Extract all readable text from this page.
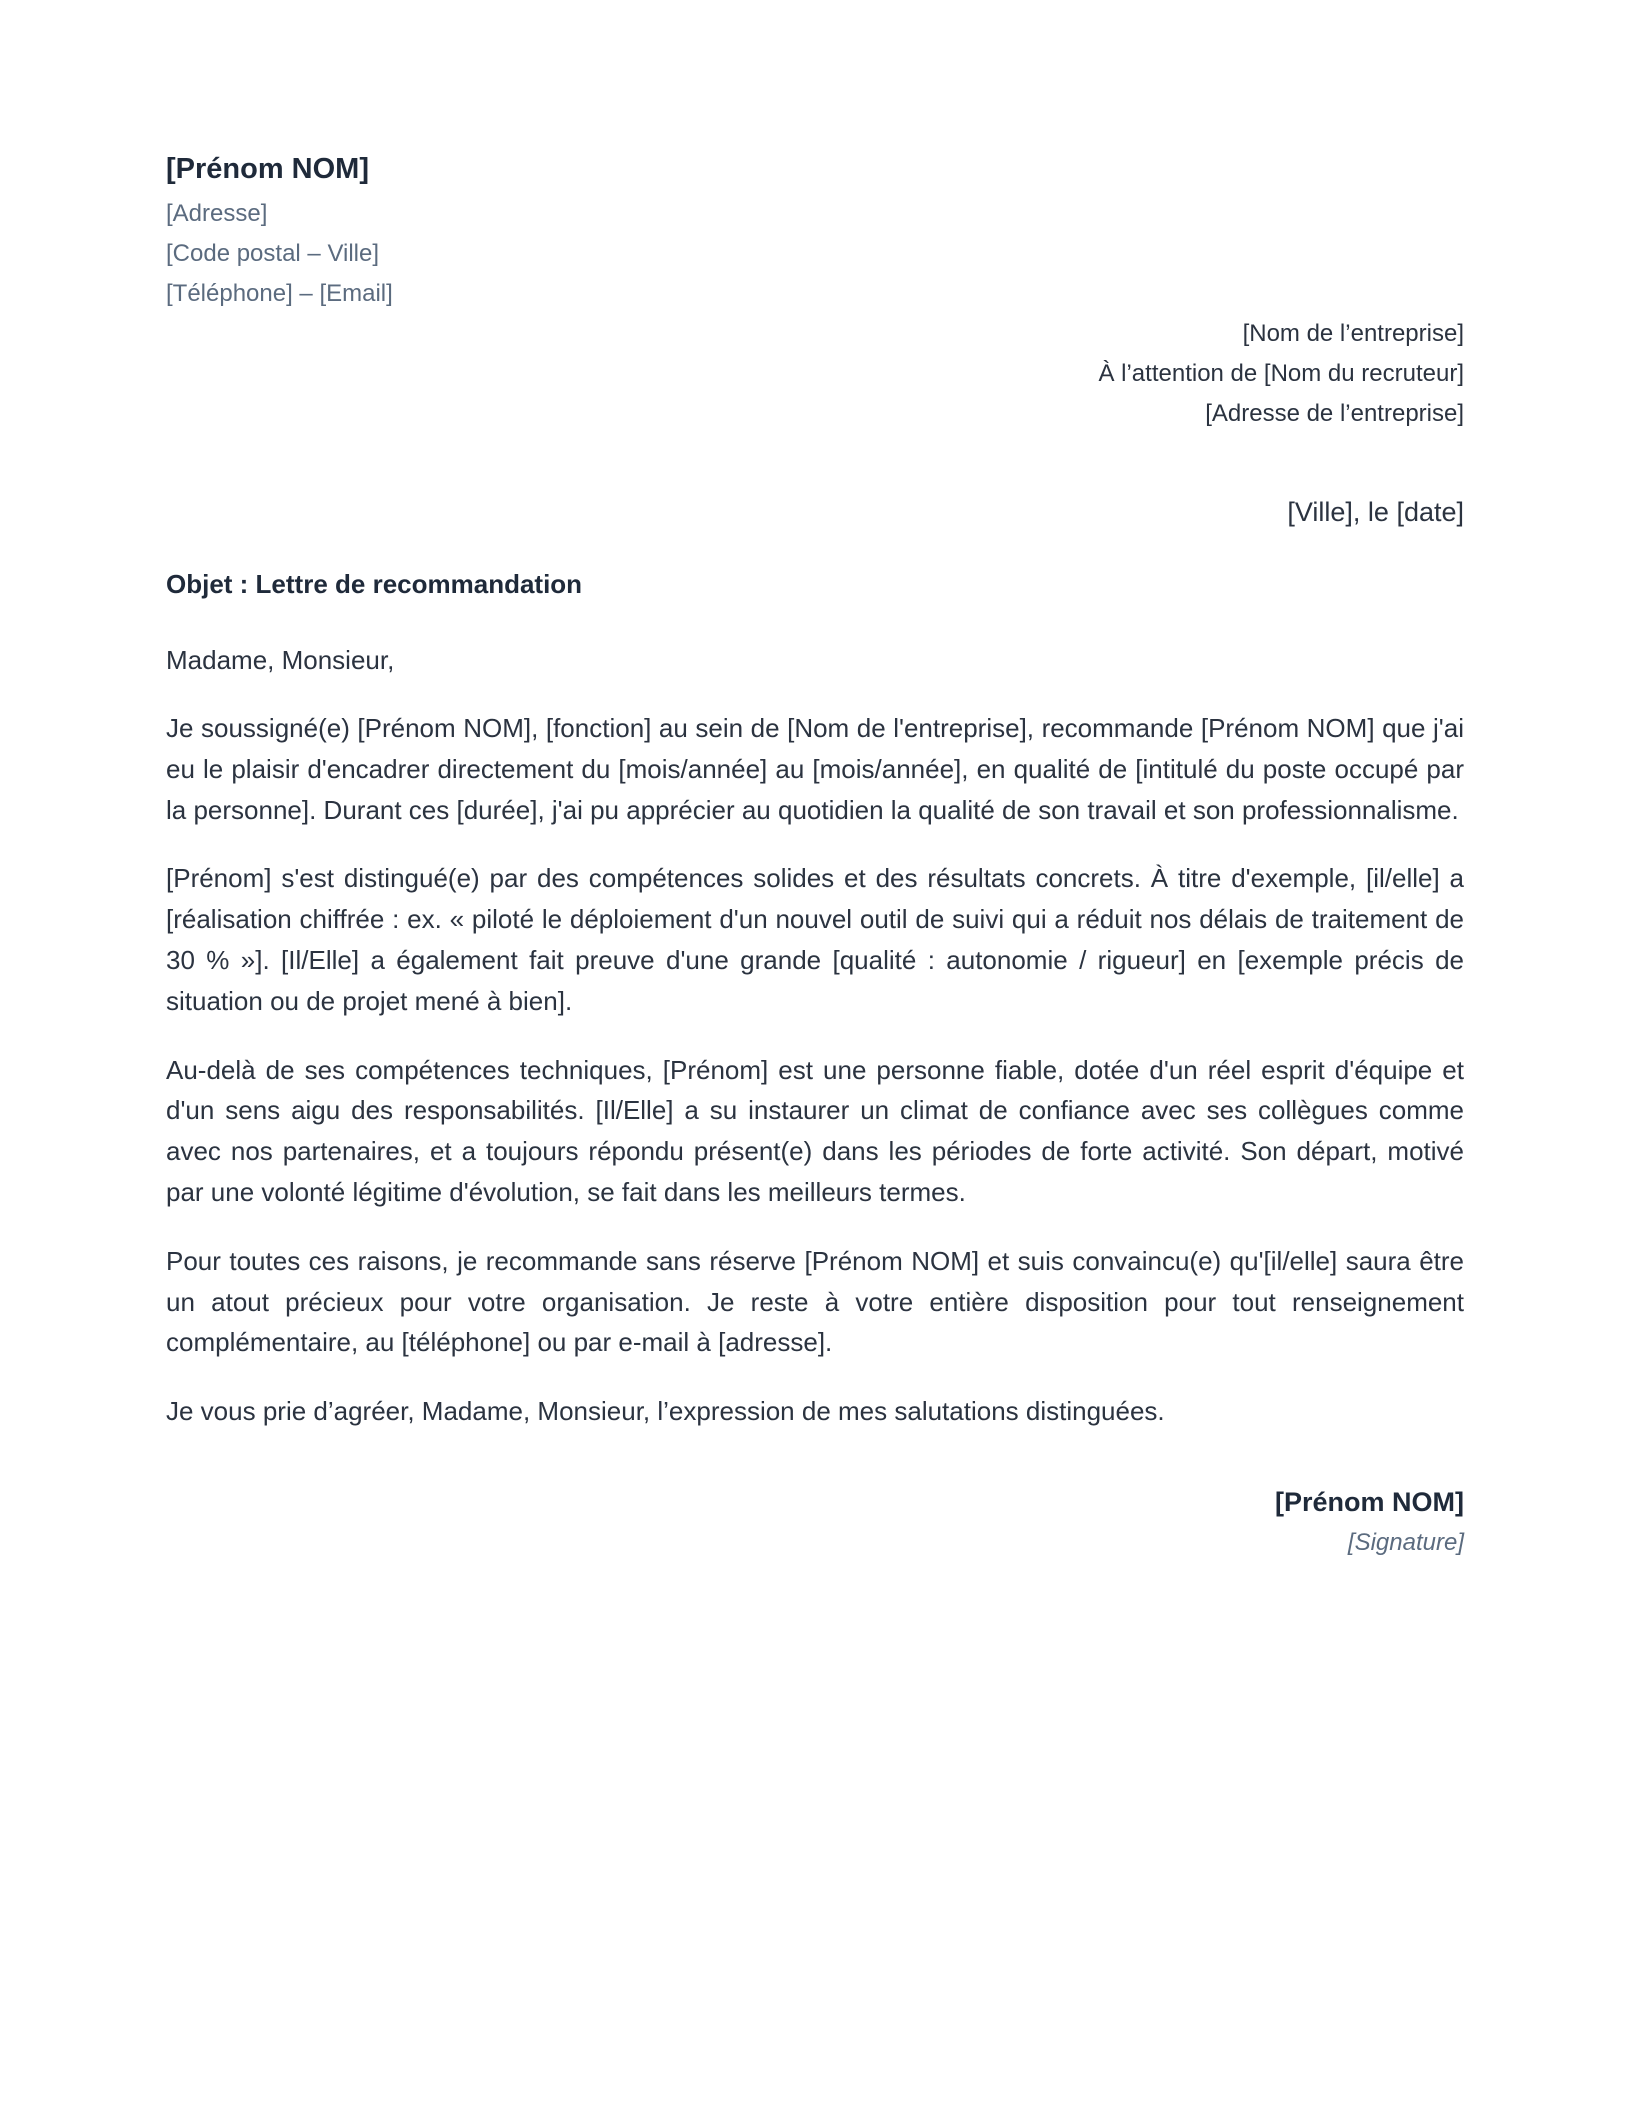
[Prénom NOM]
[Adresse]
[Code postal – Ville]
[Téléphone] – [Email]
[Nom de l’entreprise]
À l’attention de [Nom du recruteur]
[Adresse de l’entreprise]
[Ville], le [date]
Objet : Lettre de recommandation
Madame, Monsieur,

Je soussigné(e) [Prénom NOM], [fonction] au sein de [Nom de l'entreprise], recommande [Prénom NOM] que j'ai eu le plaisir d'encadrer directement du [mois/année] au [mois/année], en qualité de [intitulé du poste occupé par la personne]. Durant ces [durée], j'ai pu apprécier au quotidien la qualité de son travail et son professionnalisme.

[Prénom] s'est distingué(e) par des compétences solides et des résultats concrets. À titre d'exemple, [il/elle] a [réalisation chiffrée : ex. « piloté le déploiement d'un nouvel outil de suivi qui a réduit nos délais de traitement de 30 % »]. [Il/Elle] a également fait preuve d'une grande [qualité : autonomie / rigueur] en [exemple précis de situation ou de projet mené à bien].

Au-delà de ses compétences techniques, [Prénom] est une personne fiable, dotée d'un réel esprit d'équipe et d'un sens aigu des responsabilités. [Il/Elle] a su instaurer un climat de confiance avec ses collègues comme avec nos partenaires, et a toujours répondu présent(e) dans les périodes de forte activité. Son départ, motivé par une volonté légitime d'évolution, se fait dans les meilleurs termes.

Pour toutes ces raisons, je recommande sans réserve [Prénom NOM] et suis convaincu(e) qu'[il/elle] saura être un atout précieux pour votre organisation. Je reste à votre entière disposition pour tout renseignement complémentaire, au [téléphone] ou par e-mail à [adresse].

Je vous prie d’agréer, Madame, Monsieur, l’expression de mes salutations distinguées.
[Prénom NOM]
[Signature]
